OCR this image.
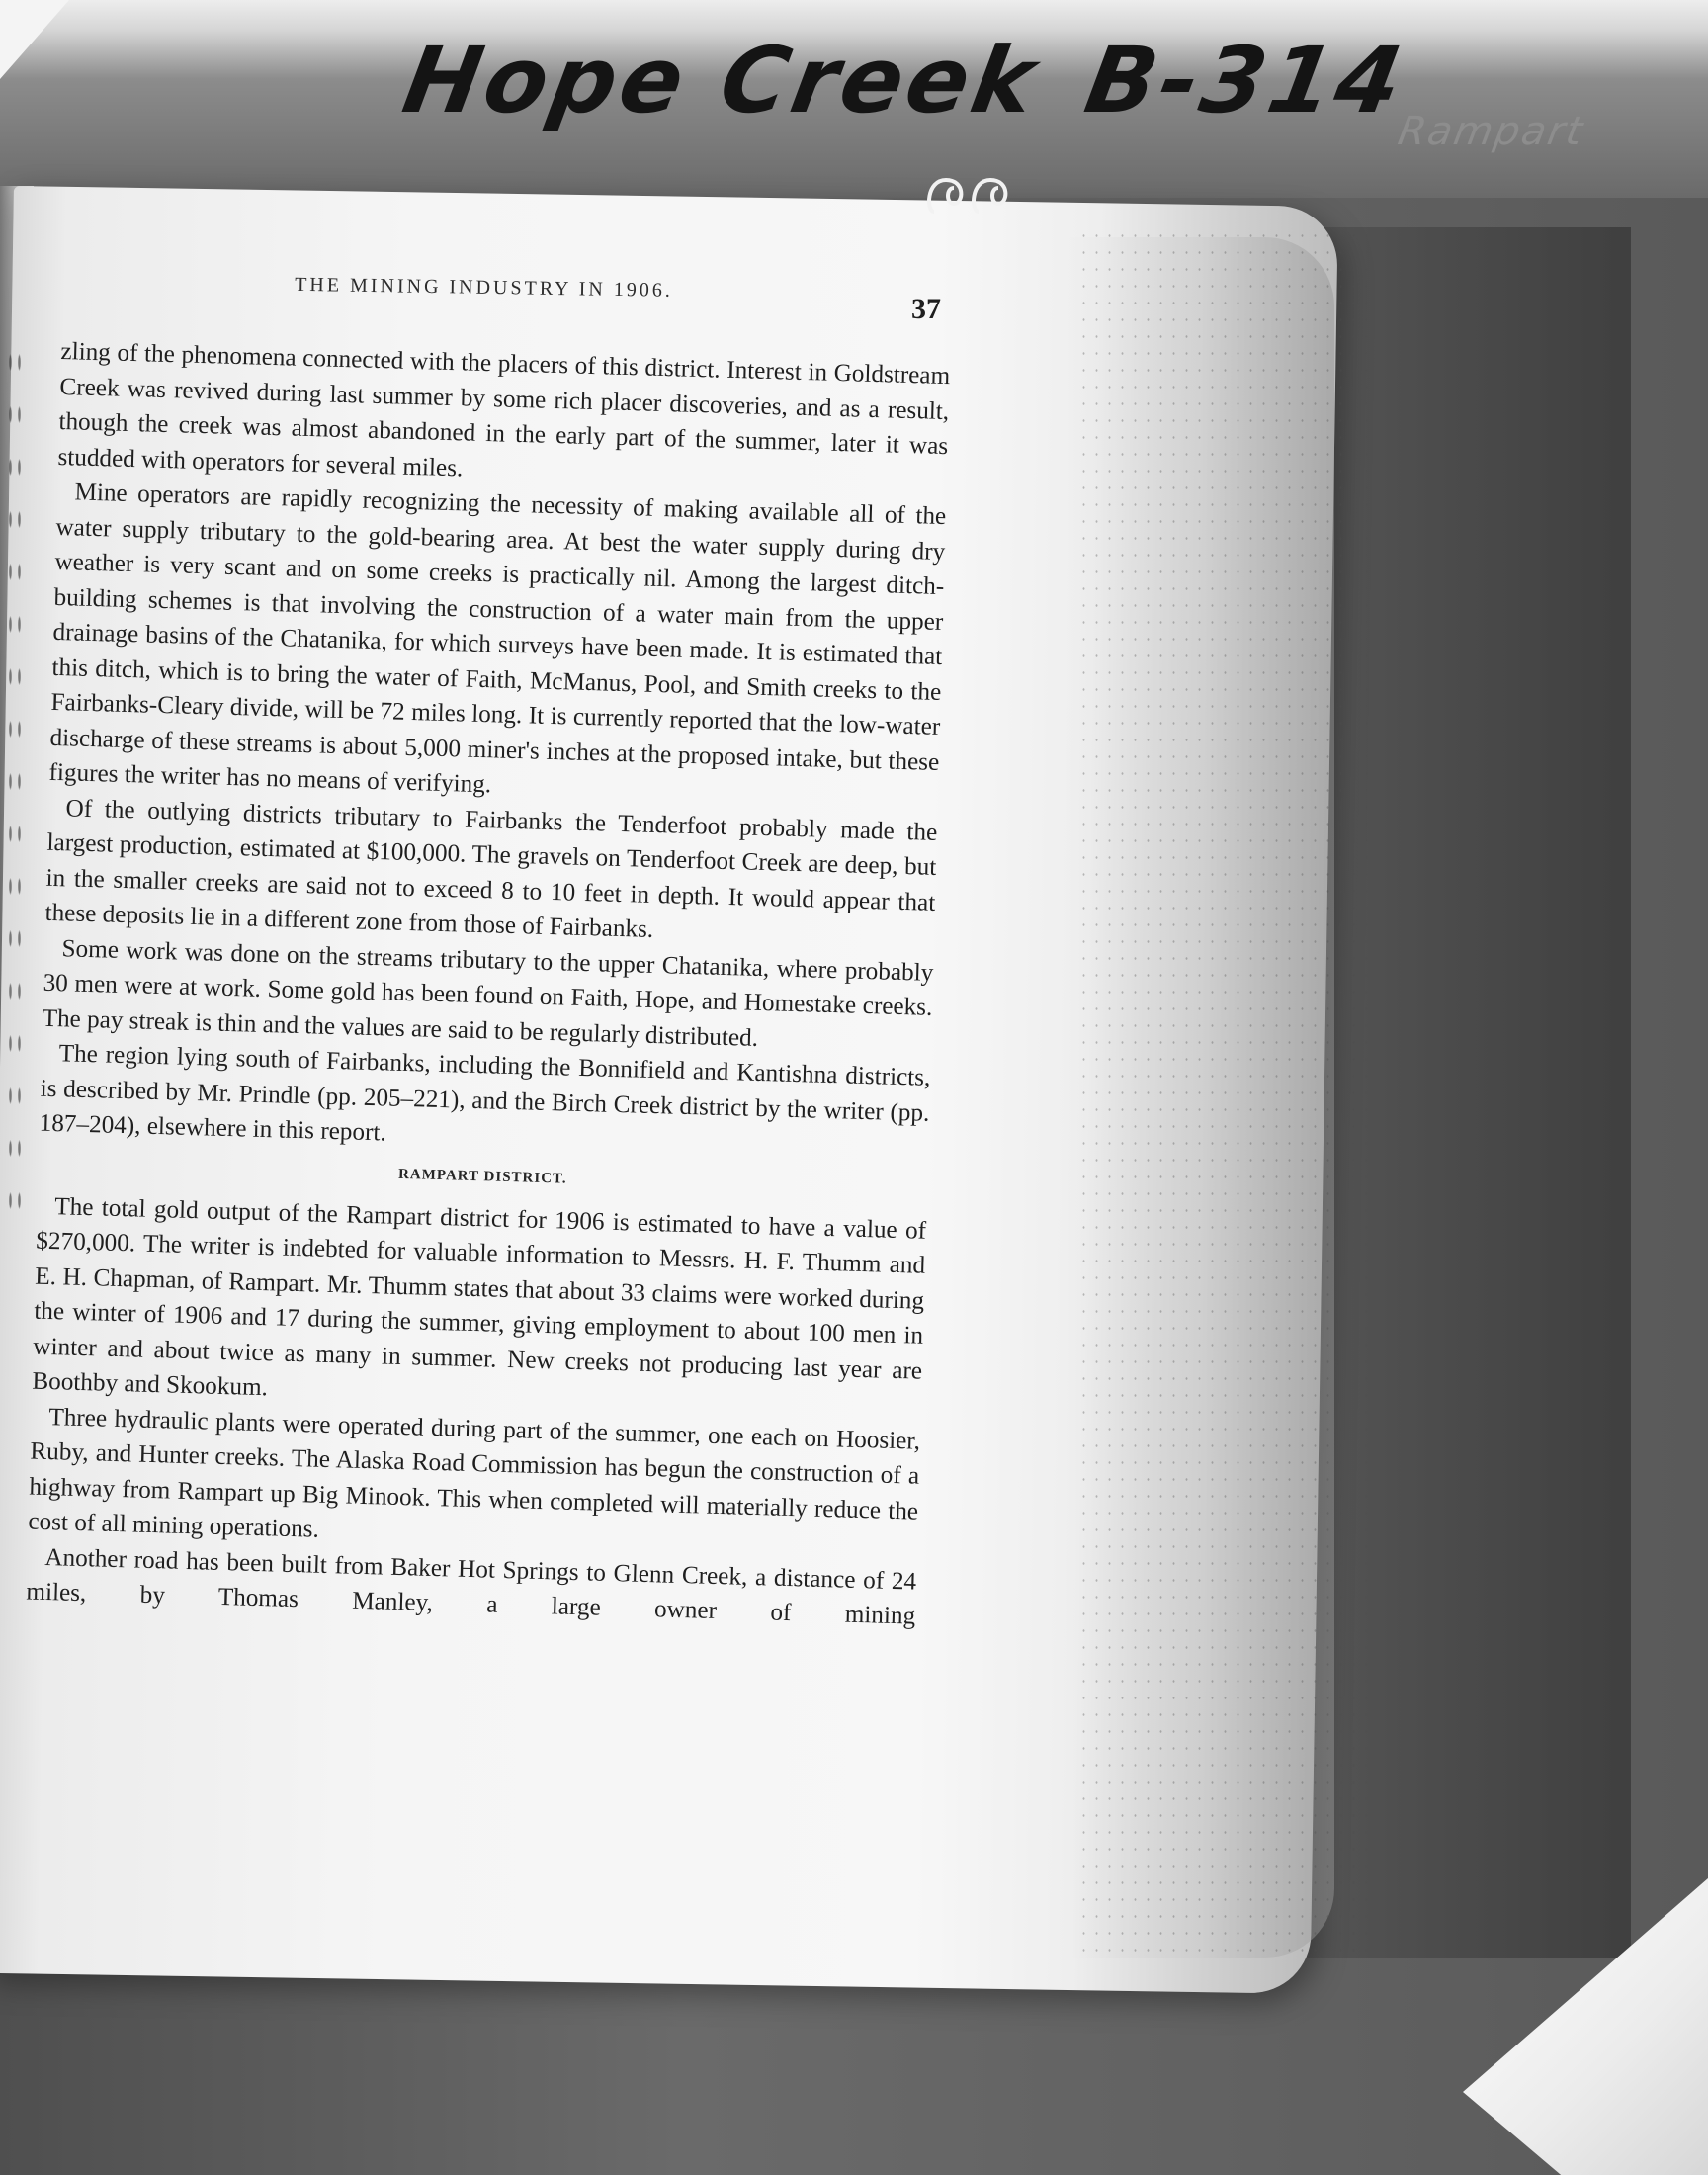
Hope Creek B-314
Rampart
THE MINING INDUSTRY IN 1906.
37

zling of the phenomena connected with the placers of this district. Interest in Goldstream Creek was revived during last summer by some rich placer discoveries, and as a result, though the creek was almost abandoned in the early part of the summer, later it was studded with operators for several miles.

Mine operators are rapidly recognizing the necessity of making available all of the water supply tributary to the gold-bearing area. At best the water supply during dry weather is very scant and on some creeks is practically nil. Among the largest ditch-building schemes is that involving the construction of a water main from the upper drainage basins of the Chatanika, for which surveys have been made. It is estimated that this ditch, which is to bring the water of Faith, McManus, Pool, and Smith creeks to the Fairbanks-Cleary divide, will be 72 miles long. It is currently reported that the low-water discharge of these streams is about 5,000 miner's inches at the proposed intake, but these figures the writer has no means of verifying.

Of the outlying districts tributary to Fairbanks the Tenderfoot probably made the largest production, estimated at $100,000. The gravels on Tenderfoot Creek are deep, but in the smaller creeks are said not to exceed 8 to 10 feet in depth. It would appear that these deposits lie in a different zone from those of Fairbanks.

Some work was done on the streams tributary to the upper Chatanika, where probably 30 men were at work. Some gold has been found on Faith, Hope, and Homestake creeks. The pay streak is thin and the values are said to be regularly distributed.

The region lying south of Fairbanks, including the Bonnifield and Kantishna districts, is described by Mr. Prindle (pp. 205–221), and the Birch Creek district by the writer (pp. 187–204), elsewhere in this report.

RAMPART DISTRICT.

The total gold output of the Rampart district for 1906 is estimated to have a value of $270,000. The writer is indebted for valuable information to Messrs. H. F. Thumm and E. H. Chapman, of Rampart. Mr. Thumm states that about 33 claims were worked during the winter of 1906 and 17 during the summer, giving employment to about 100 men in winter and about twice as many in summer. New creeks not producing last year are Boothby and Skookum.

Three hydraulic plants were operated during part of the summer, one each on Hoosier, Ruby, and Hunter creeks. The Alaska Road Commission has begun the construction of a highway from Rampart up Big Minook. This when completed will materially reduce the cost of all mining operations.

Another road has been built from Baker Hot Springs to Glenn Creek, a distance of 24 miles, by Thomas Manley, a large owner of mining
